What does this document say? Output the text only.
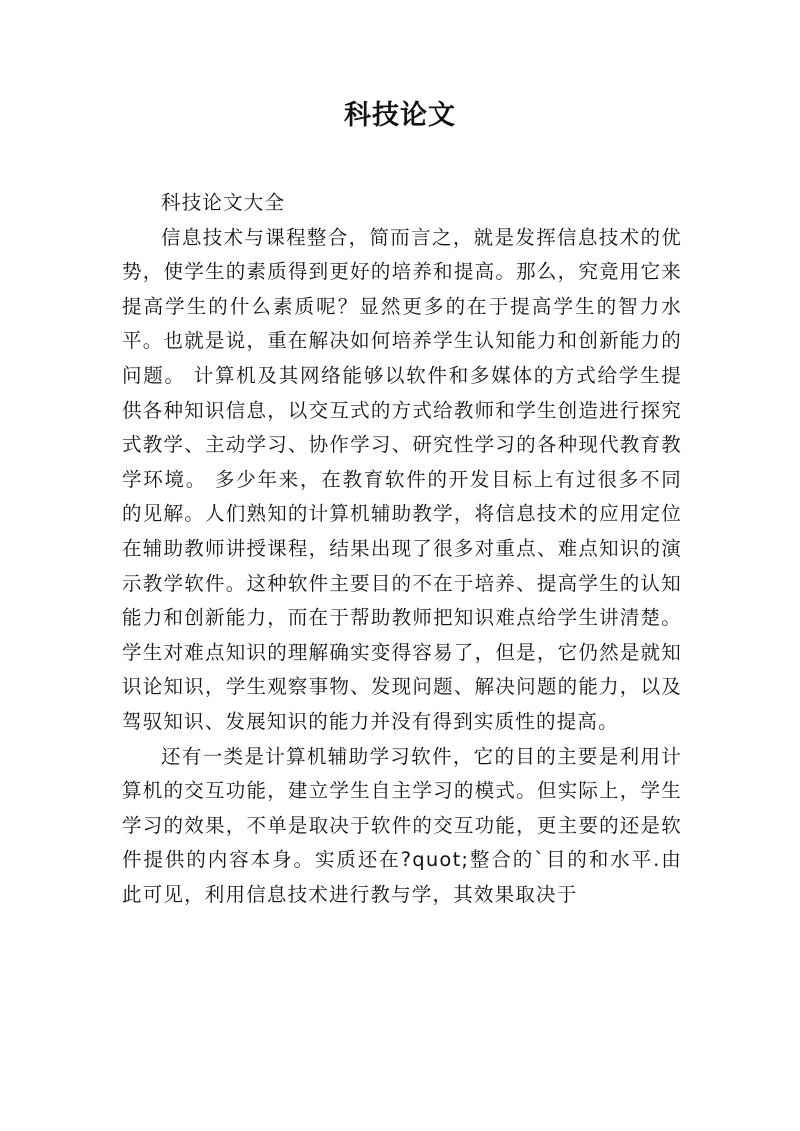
科技论文

科技论文大全

信息技术与课程整合，简而言之，就是发挥信息技术的优势，使学生的素质得到更好的培养和提高。那么，究竟用它来提高学生的什么素质呢？显然更多的在于提高学生的智力水平。也就是说，重在解决如何培养学生认知能力和创新能力的问题。 计算机及其网络能够以软件和多媒体的方式给学生提供各种知识信息，以交互式的方式给教师和学生创造进行探究式教学、主动学习、协作学习、研究性学习的各种现代教育教学环境。 多少年来，在教育软件的开发目标上有过很多不同的见解。人们熟知的计算机辅助教学，将信息技术的应用定位在辅助教师讲授课程，结果出现了很多对重点、难点知识的演示教学软件。这种软件主要目的不在于培养、提高学生的认知能力和创新能力，而在于帮助教师把知识难点给学生讲清楚。学生对难点知识的理解确实变得容易了，但是，它仍然是就知识论知识，学生观察事物、发现问题、解决问题的能力，以及驾驭知识、发展知识的能力并没有得到实质性的提高。

还有一类是计算机辅助学习软件，它的目的主要是利用计算机的交互功能，建立学生自主学习的模式。但实际上，学生学习的效果，不单是取决于软件的交互功能，更主要的还是软件提供的内容本身。实质还在?quot;整合的`目的和水平.由此可见，利用信息技术进行教与学，其效果取决于
